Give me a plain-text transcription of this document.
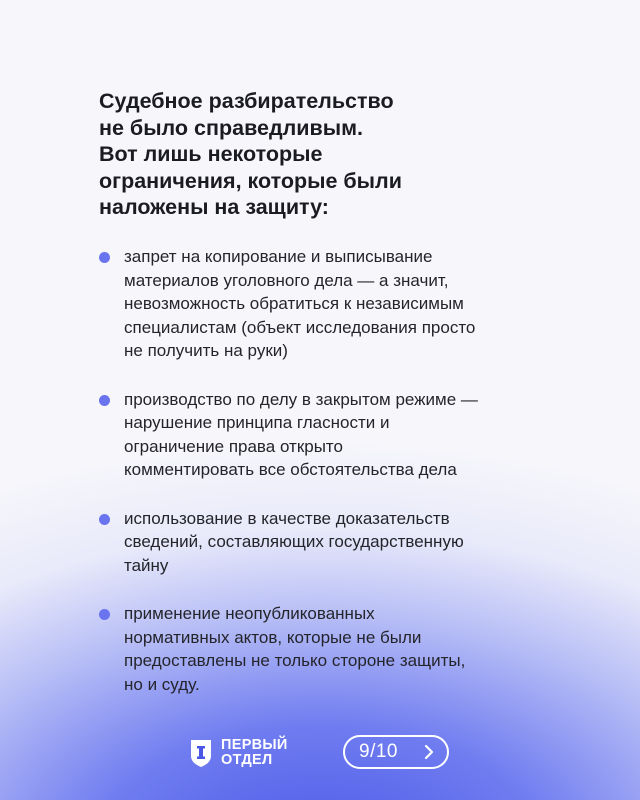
Судебное разбирательство
не было справедливым.
Вот лишь некоторые
ограничения, которые были
наложены на защиту:
запрет на копирование и выписывание
материалов уголовного дела — а значит,
невозможность обратиться к независимым
специалистам (объект исследования просто
не получить на руки)
производство по делу в закрытом режиме —
нарушение принципа гласности и
ограничение права открыто
комментировать все обстоятельства дела
использование в качестве доказательств
сведений, составляющих государственную
тайну
применение неопубликованных
нормативных актов, которые не были
предоставлены не только стороне защиты,
но и суду.
ПЕРВЫЙ
ОТДЕЛ	9/10
